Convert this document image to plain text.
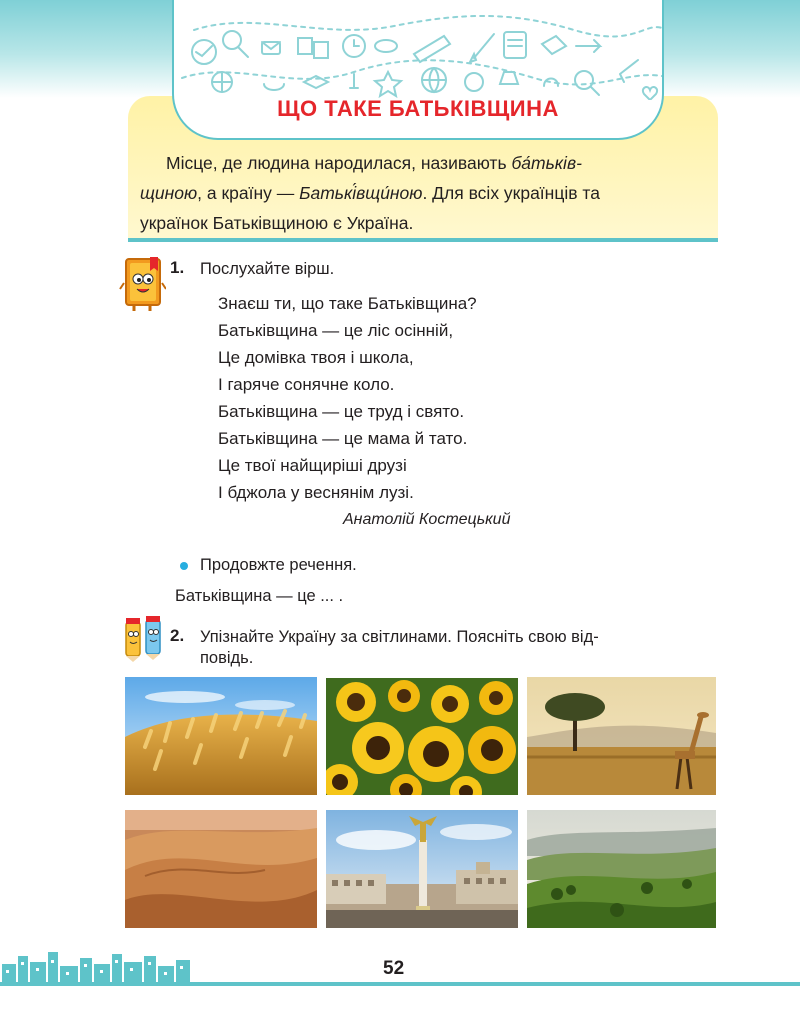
ЩО ТАКЕ БАТЬКІВЩИНА
Місце, де людина народилася, називають ба́тьків-
щиною, а країну — Батькі́вщи́ною. Для всіх українців та
українок Батьківщиною є Україна.
1. Послухайте вірш.
Знаєш ти, що таке Батьківщина?
Батьківщина — це ліс осінній,
Це домівка твоя і школа,
І гаряче сонячне коло.
Батьківщина — це труд і свято.
Батьківщина — це мама й тато.
Це твої найщиріші друзі
І бджола у веснянім лузі.
Анатолій Костецький
Продовжте речення.
Батьківщина — це ... .
2. Упізнайте Україну за світлинами. Поясніть свою від-
повідь.
52
